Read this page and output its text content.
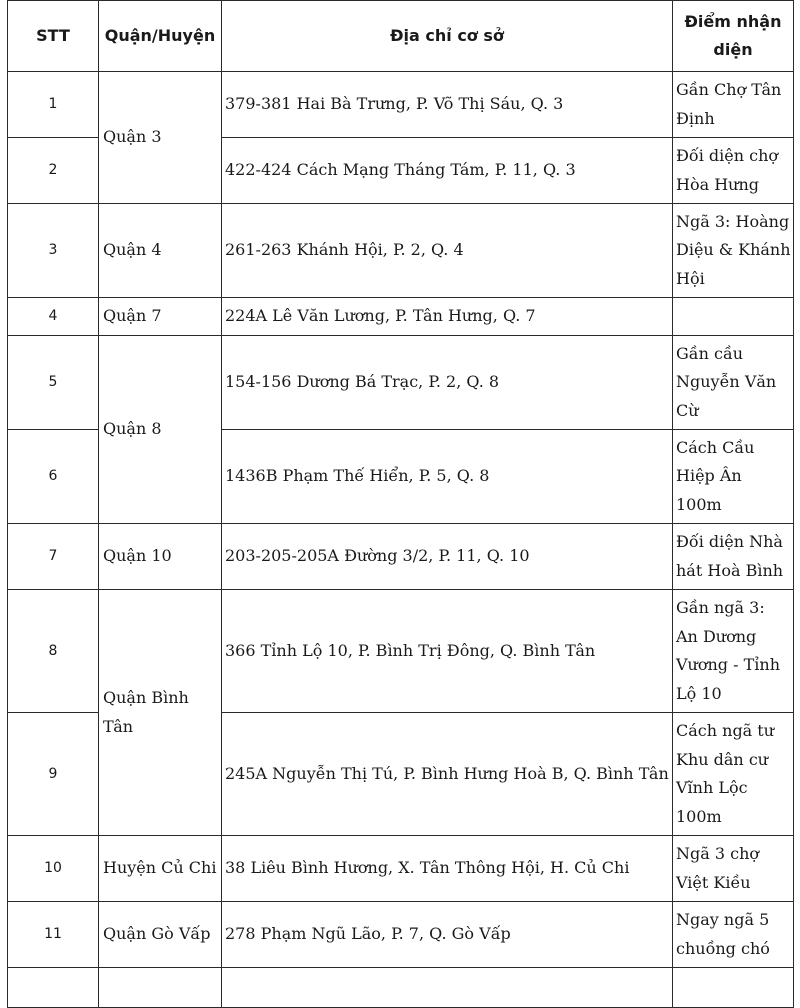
STT	Quận/Huyện	Địa chỉ cơ sở	Điểm nhận diện
1	Quận 3	379-381 Hai Bà Trưng, P. Võ Thị Sáu, Q. 3	Gần Chợ Tân Định
2		422-424 Cách Mạng Tháng Tám, P. 11, Q. 3	Đối diện chợ Hòa Hưng
3	Quận 4	261-263 Khánh Hội, P. 2, Q. 4	Ngã 3: Hoàng Diệu & Khánh Hội
4	Quận 7	224A Lê Văn Lương, P. Tân Hưng, Q. 7	
5	Quận 8	154-156 Dương Bá Trạc, P. 2, Q. 8	Gần cầu Nguyễn Văn Cừ
6		1436B Phạm Thế Hiển, P. 5, Q. 8	Cách Cầu Hiệp Ân 100m
7	Quận 10	203-205-205A Đường 3/2, P. 11, Q. 10	Đối diện Nhà hát Hoà Bình
8	Quận Bình Tân	366 Tỉnh Lộ 10, P. Bình Trị Đông, Q. Bình Tân	Gần ngã 3: An Dương Vương - Tỉnh Lộ 10
9		245A Nguyễn Thị Tú, P. Bình Hưng Hoà B, Q. Bình Tân	Cách ngã tư Khu dân cư Vĩnh Lộc 100m
10	Huyện Củ Chi	38 Liêu Bình Hương, X. Tân Thông Hội, H. Củ Chi	Ngã 3 chợ Việt Kiều
11	Quận Gò Vấp	278 Phạm Ngũ Lão, P. 7, Q. Gò Vấp	Ngay ngã 5 chuồng chó
